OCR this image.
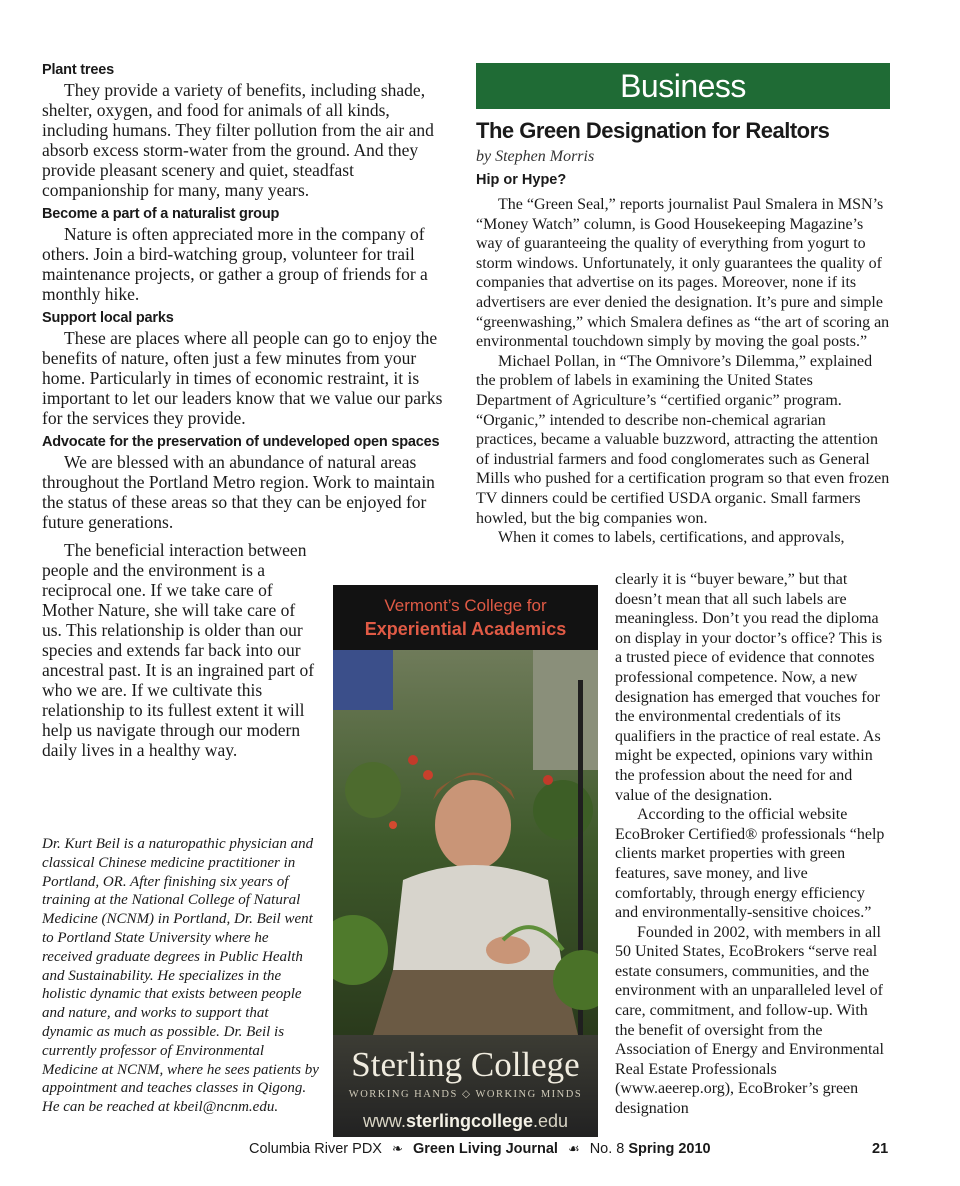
Plant trees

They provide a variety of benefits, including shade, shelter, oxygen, and food for animals of all kinds, including humans. They filter pollution from the air and absorb excess storm-water from the ground. And they provide pleasant scenery and quiet, steadfast companionship for many, many years.

Become a part of a naturalist group

Nature is often appreciated more in the company of others. Join a bird-watching group, volunteer for trail maintenance projects, or gather a group of friends for a monthly hike.

Support local parks

These are places where all people can go to enjoy the benefits of nature, often just a few minutes from your home. Particularly in times of economic restraint, it is important to let our leaders know that we value our parks for the services they provide.

Advocate for the preservation of undeveloped open spaces

We are blessed with an abundance of natural areas throughout the Portland Metro region. Work to maintain the status of these areas so that they can be enjoyed for future generations.

The beneficial interaction between people and the environment is a reciprocal one. If we take care of Mother Nature, she will take care of us. This relationship is older than our species and extends far back into our ancestral past. It is an ingrained part of who we are. If we cultivate this relationship to its fullest extent it will help us navigate through our modern daily lives in a healthy way.

Dr. Kurt Beil is a naturopathic physician and classical Chinese medicine practitioner in Portland, OR. After finishing six years of training at the National College of Natural Medicine (NCNM) in Portland, Dr. Beil went to Portland State University where he received graduate degrees in Public Health and Sustainability. He specializes in the holistic dynamic that exists between people and nature, and works to support that dynamic as much as possible. Dr. Beil is currently professor of Environmental Medicine at NCNM, where he sees patients by appointment and teaches classes in Qigong. He can be reached at kbeil@ncnm.edu.

Business
The Green Designation for Realtors

by Stephen Morris

Hip or Hype?

The “Green Seal,” reports journalist Paul Smalera in MSN’s “Money Watch” column, is Good Housekeeping Magazine’s way of guaranteeing the quality of everything from yogurt to storm windows. Unfortunately, it only guarantees the quality of companies that advertise on its pages. Moreover, none if its advertisers are ever denied the designation. It’s pure and simple “greenwashing,” which Smalera defines as “the art of scoring an environmental touchdown simply by moving the goal posts.”

Michael Pollan, in “The Omnivore’s Dilemma,” explained the problem of labels in examining the United States Department of Agriculture’s “certified organic” program. “Organic,” intended to describe non-chemical agrarian practices, became a valuable buzzword, attracting the attention of industrial farmers and food conglomerates such as General Mills who pushed for a certification program so that even frozen TV dinners could be certified USDA organic. Small farmers howled, but the big companies won.

When it comes to labels, certifications, and approvals,

clearly it is “buyer beware,” but that doesn’t mean that all such labels are meaningless. Don’t you read the diploma on display in your doctor’s office? This is a trusted piece of evidence that connotes professional competence. Now, a new designation has emerged that vouches for the environmental credentials of its qualifiers in the practice of real estate. As might be expected, opinions vary within the profession about the need for and value of the designation.

According to the official website EcoBroker Certified® professionals “help clients market properties with green features, save money, and live comfortably, through energy efficiency and environmentally-sensitive choices.”

Founded in 2002, with members in all 50 United States, EcoBrokers “serve real estate consumers, communities, and the environment with an unparalleled level of care, commitment, and follow-up. With the benefit of oversight from the Association of Energy and Environmental Real Estate Professionals (www.aeerep.org), EcoBroker’s green designation

Vermont’s College for
Experiential Academics
Sterling College
WORKING HANDS ◇ WORKING MINDS
www.sterlingcollege.edu
Columbia River PDX ❧ Green Living Journal ☙ No. 8 Spring 2010	21
